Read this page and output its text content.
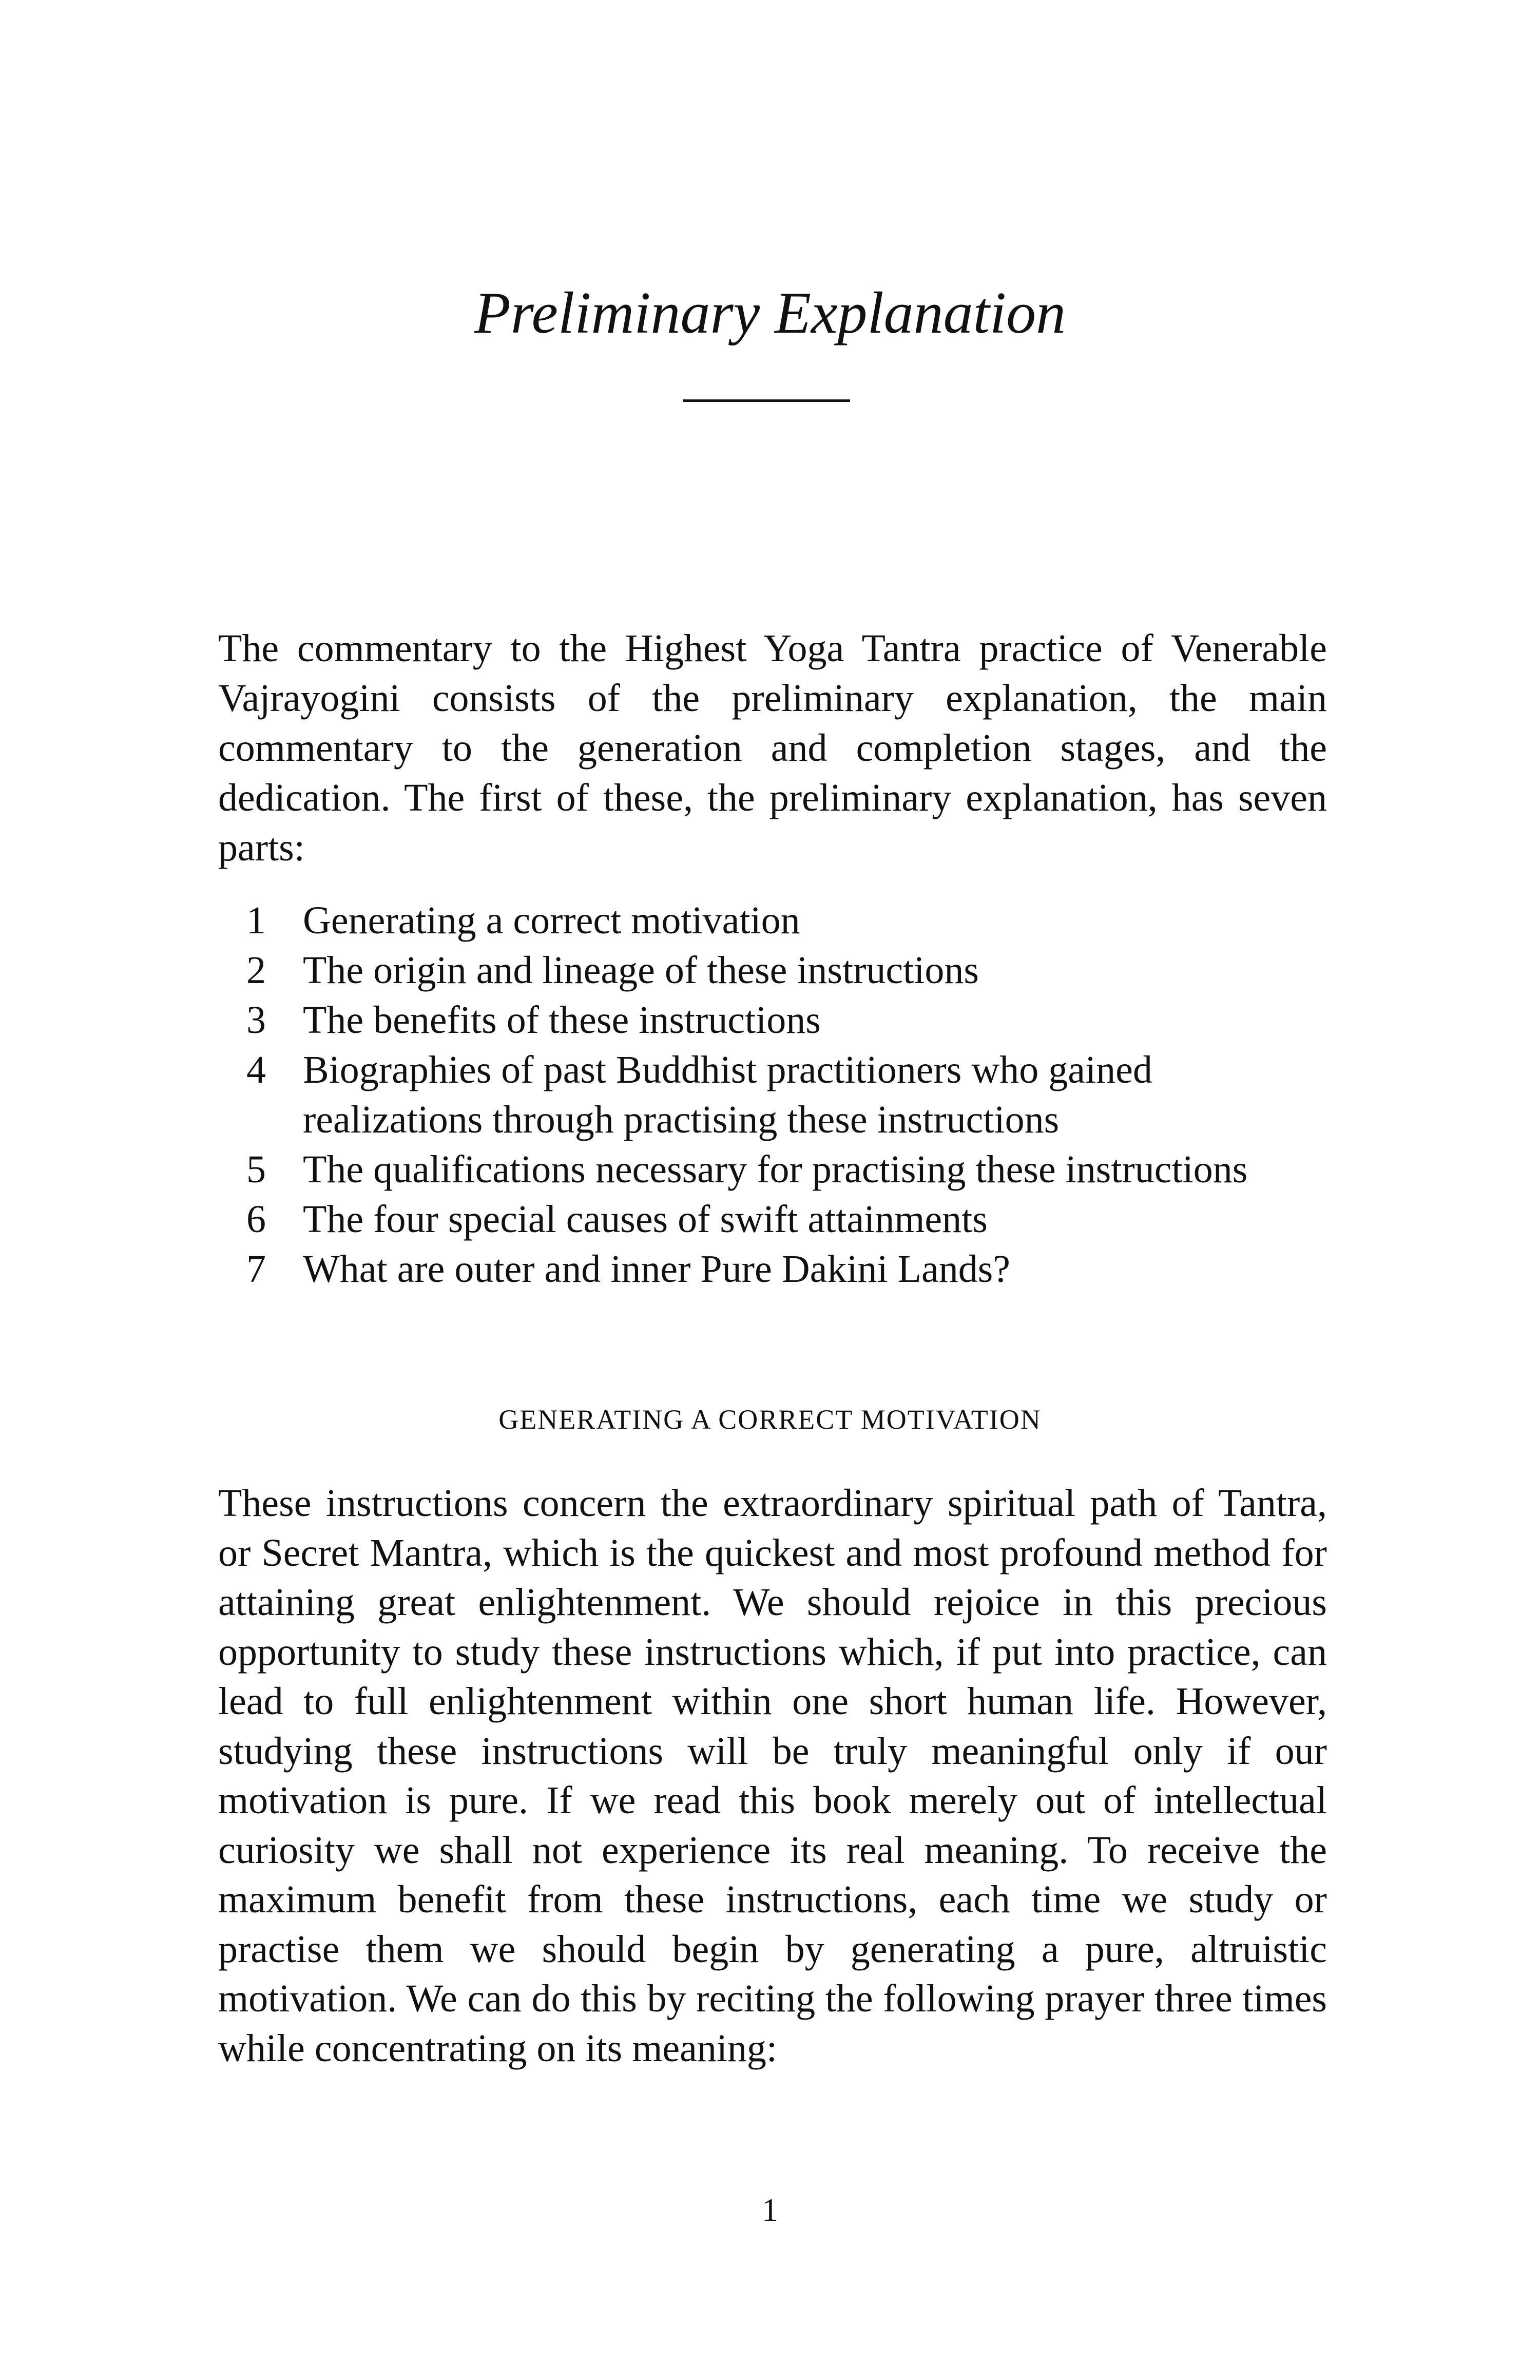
Preliminary Explanation

The commentary to the Highest Yoga Tantra practice of Venerable Vajrayogini consists of the preliminary explanation, the main commentary to the generation and completion stages, and the dedication. The first of these, the preliminary explanation, has seven parts:

1 Generating a correct motivation
2 The origin and lineage of these instructions
3 The benefits of these instructions
4 Biographies of past Buddhist practitioners who gained realizations through practising these instructions
5 The qualifications necessary for practising these instructions
6 The four special causes of swift attainments
7 What are outer and inner Pure Dakini Lands?
GENERATING A CORRECT MOTIVATION

These instructions concern the extraordinary spiritual path of Tantra, or Secret Mantra, which is the quickest and most profound method for attaining great enlightenment. We should rejoice in this precious opportunity to study these instructions which, if put into practice, can lead to full enlightenment within one short human life. However, studying these instructions will be truly meaningful only if our motivation is pure. If we read this book merely out of intellectual curiosity we shall not experience its real meaning. To receive the maximum benefit from these instructions, each time we study or practise them we should begin by generating a pure, altruistic motivation. We can do this by reciting the following prayer three times while concentrating on its meaning:

1
